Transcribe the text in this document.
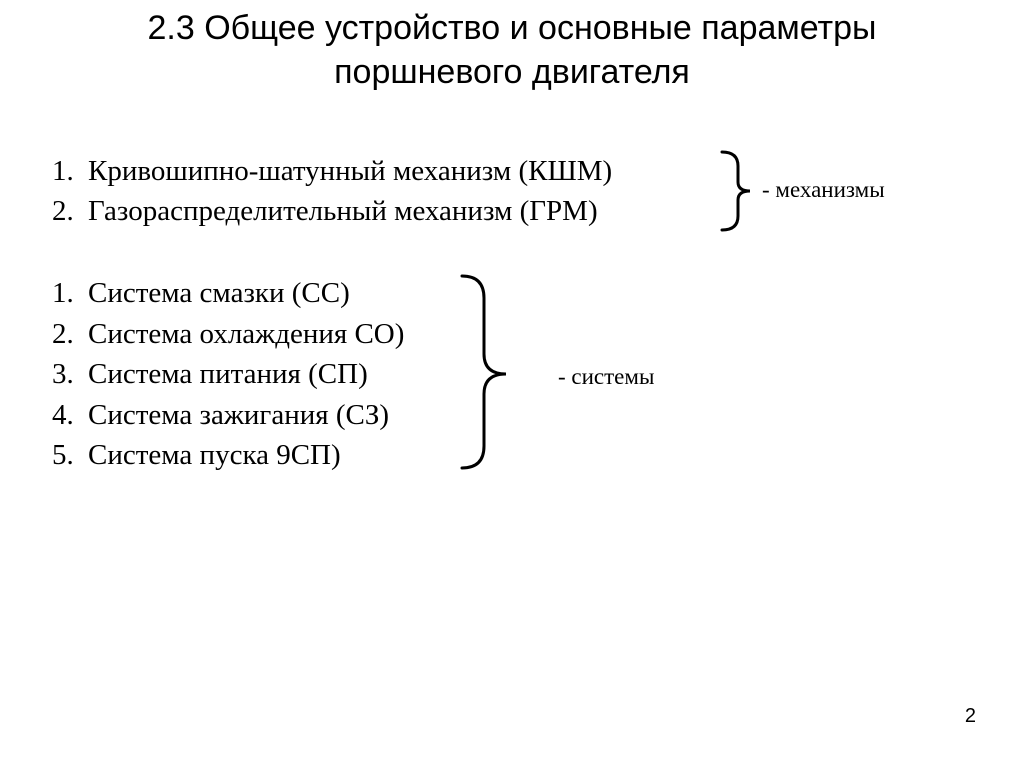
2.3 Общее устройство и основные параметры
поршневого двигателя
1. Кривошипно-шатунный механизм (КШМ)
2. Газораспределительный механизм (ГРМ)
- механизмы
1. Система смазки (СС)
2. Система охлаждения СО)
3. Система питания (СП)
4. Система зажигания (СЗ)
5. Система пуска 9СП)
- системы
2
